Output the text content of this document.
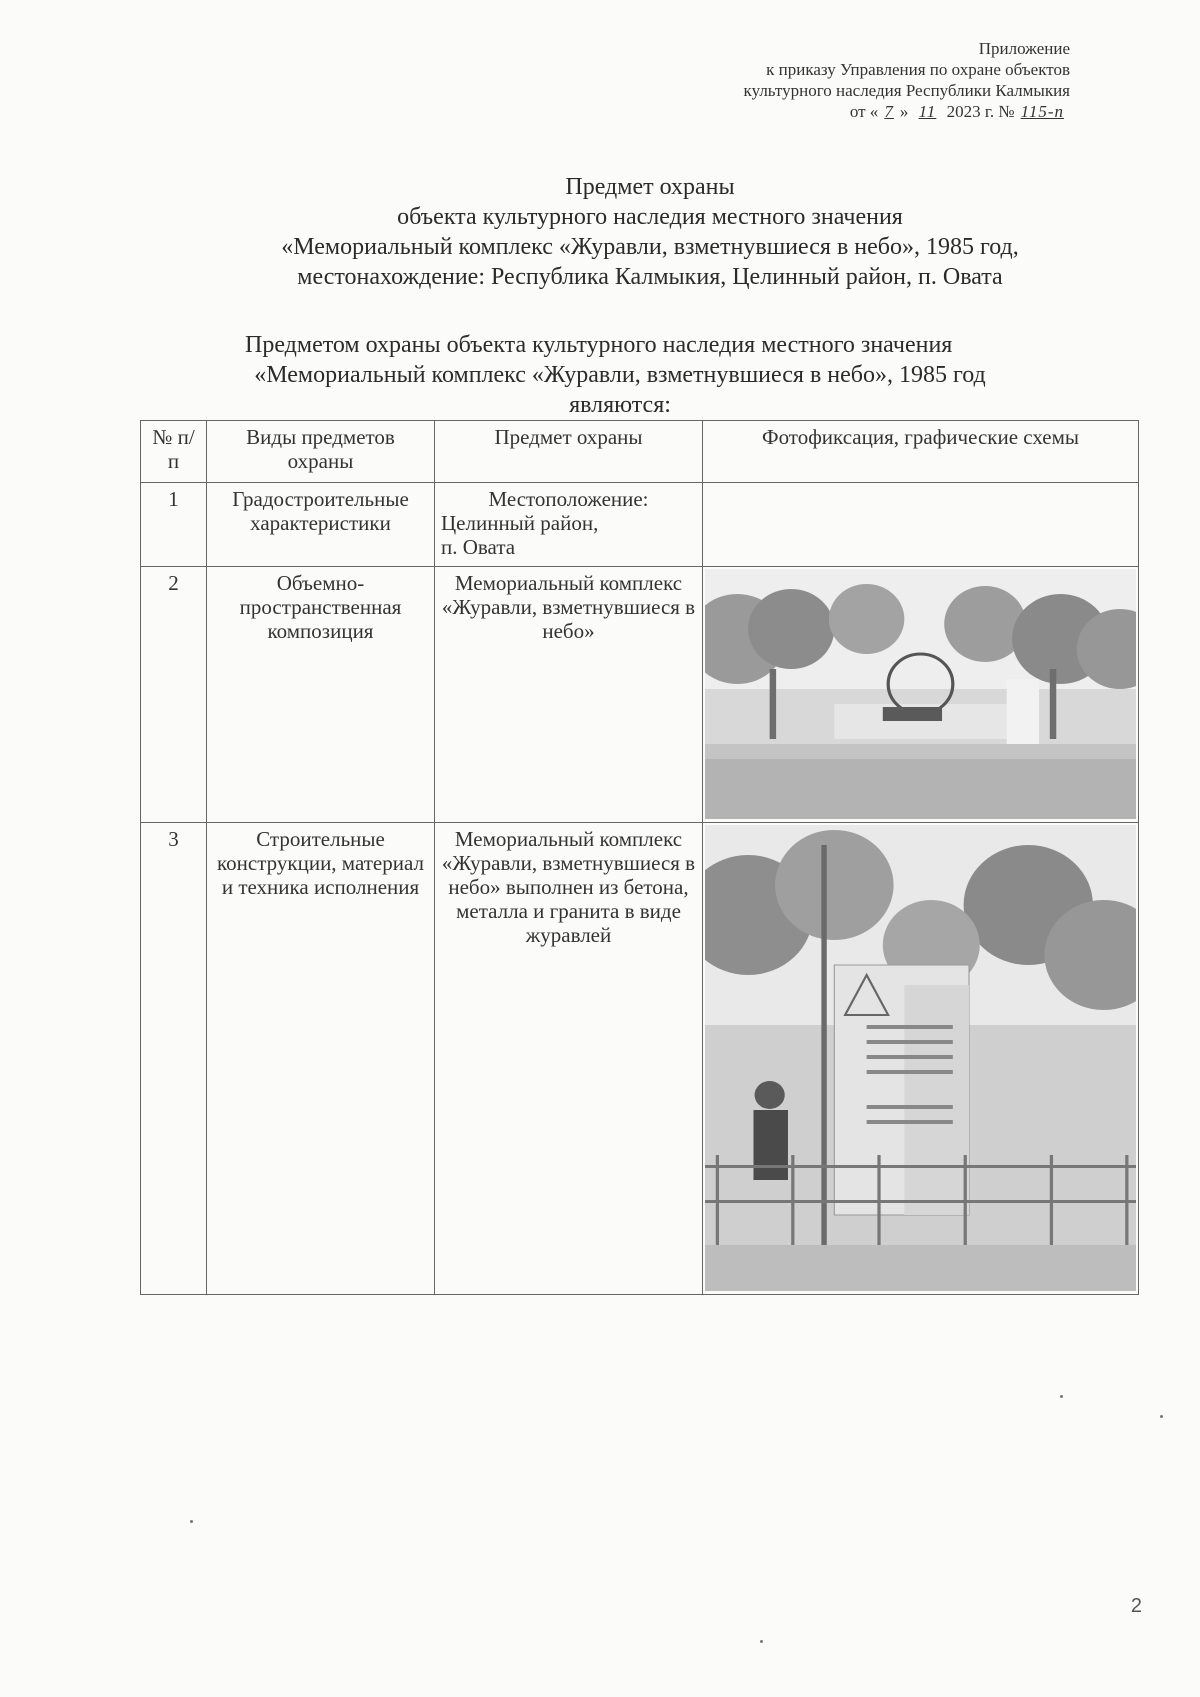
Приложение
к приказу Управления по охране объектов
культурного наследия Республики Калмыкия
от « 7 » 11 2023 г. № 115-п
Предмет охраны
объекта культурного наследия местного значения
«Мемориальный комплекс «Журавли, взметнувшиеся в небо», 1985 год,
местонахождение: Республика Калмыкия, Целинный район, п. Овата
Предметом охраны объекта культурного наследия местного значения
«Мемориальный комплекс «Журавли, взметнувшиеся в небо», 1985 год
являются:
№ п/п	Виды предметов охраны	Предмет охраны	Фотофиксация, графические схемы
1	Градостроительные характеристики	Местоположение:
Целинный район,
п. Овата	

2	Объемно-пространственная композиция	Мемориальный комплекс «Журавли, взметнувшиеся в небо»	

3	Строительные конструкции, материал и техника исполнения	Мемориальный комплекс «Журавли, взметнувшиеся в небо» выполнен из бетона, металла и гранита в виде журавлей	
2
